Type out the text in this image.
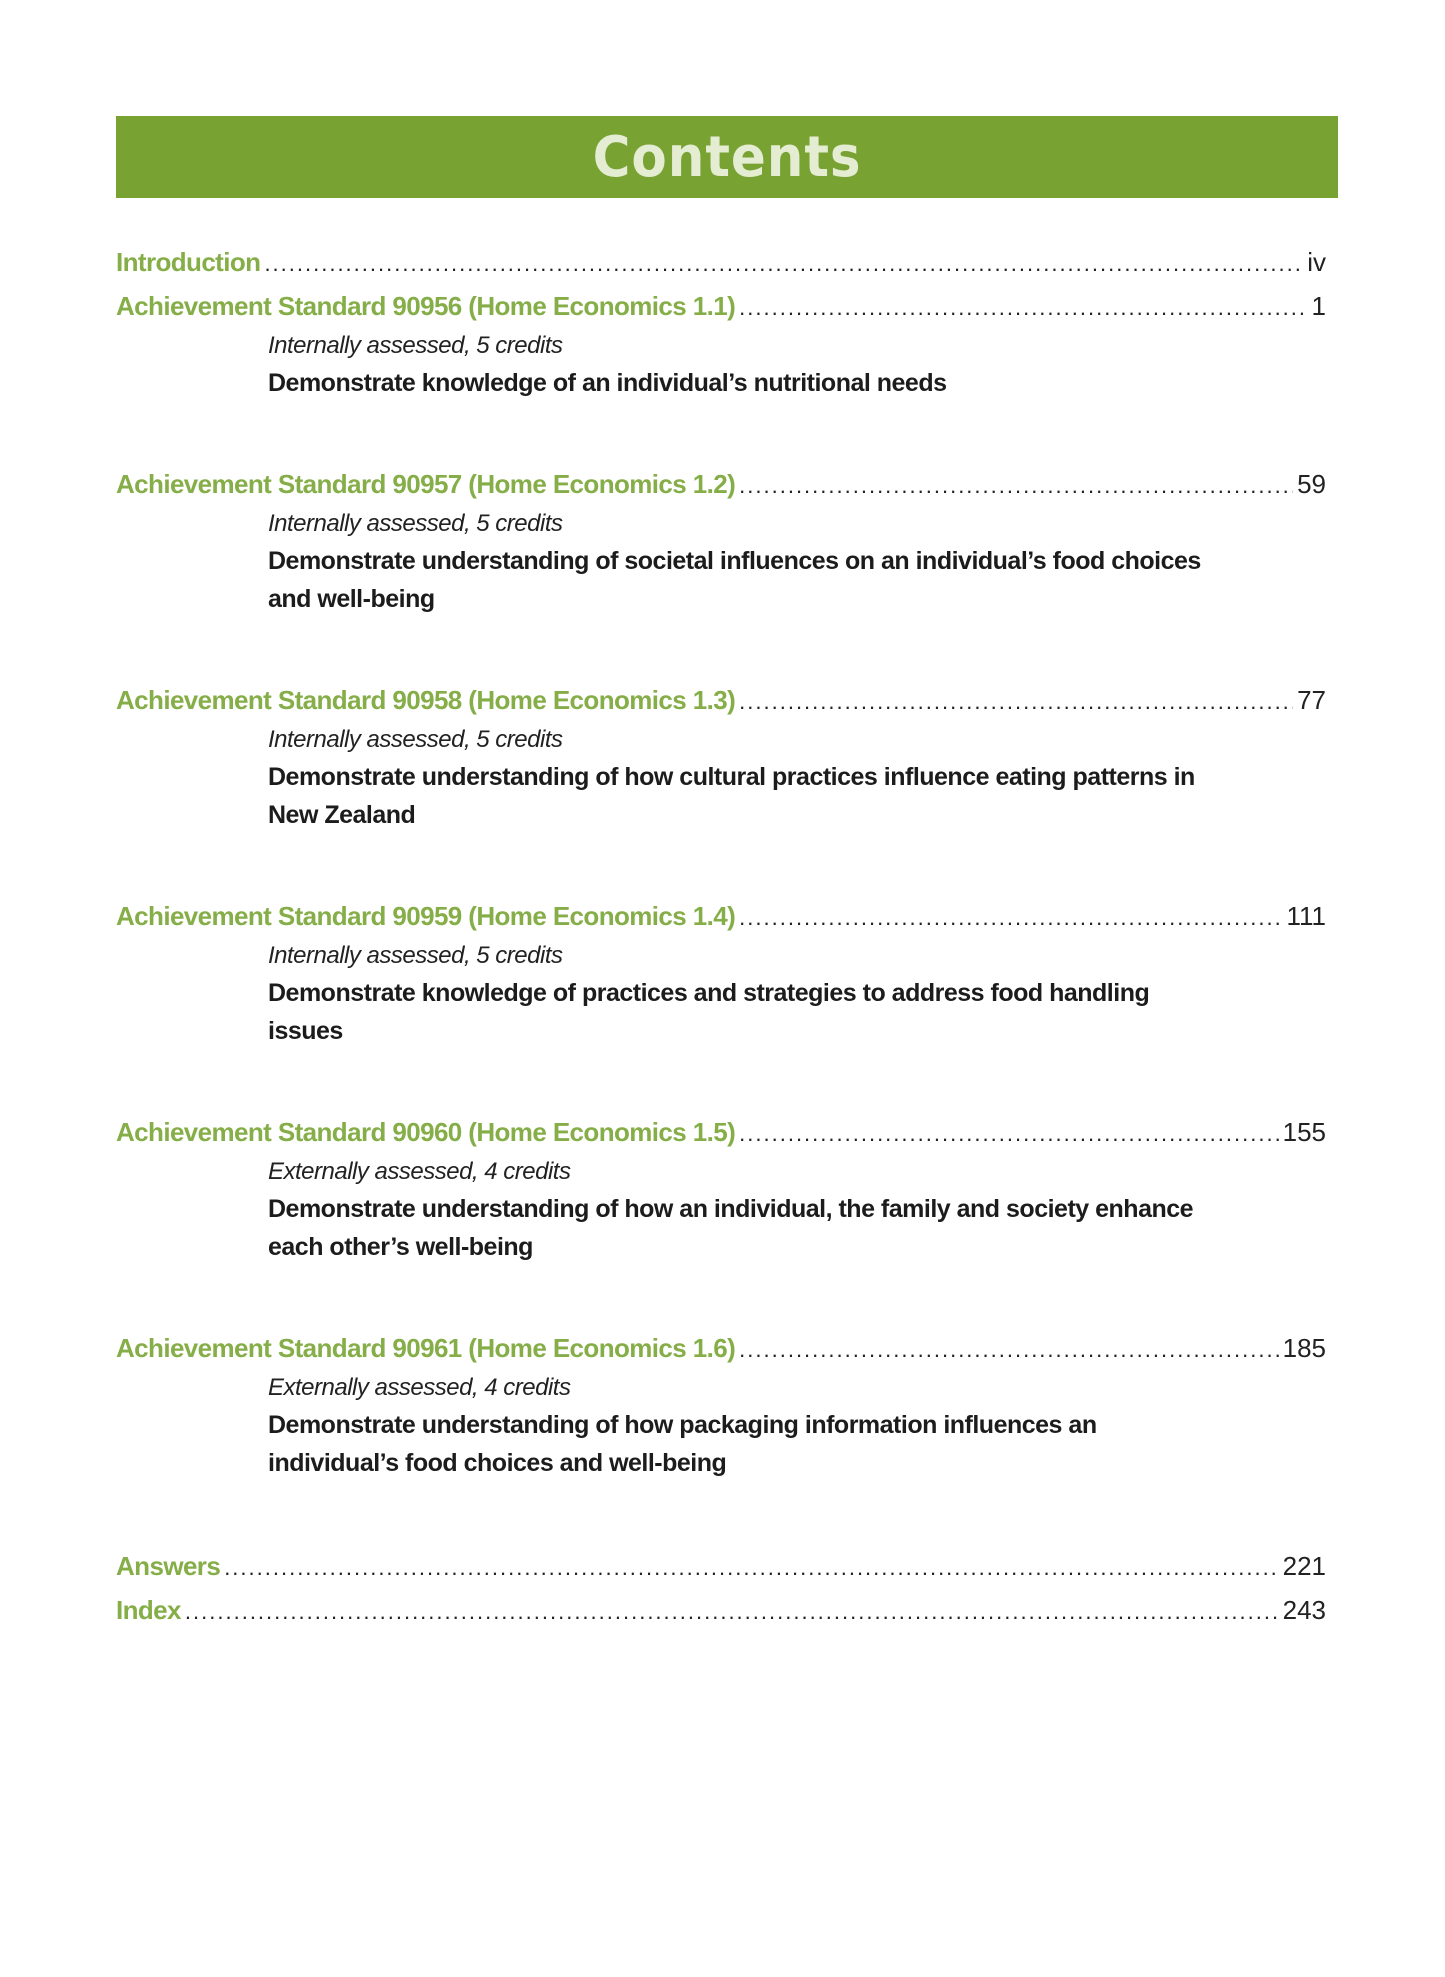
Contents
Introduction .....	iv
Achievement Standard 90956 (Home Economics 1.1) .....	1
Internally assessed, 5 credits
Demonstrate knowledge of an individual’s nutritional needs
Achievement Standard 90957 (Home Economics 1.2) .....	59
Internally assessed, 5 credits
Demonstrate understanding of societal influences on an individual’s food choices and well-being
Achievement Standard 90958 (Home Economics 1.3) .....	77
Internally assessed, 5 credits
Demonstrate understanding of how cultural practices influence eating patterns in New Zealand
Achievement Standard 90959 (Home Economics 1.4) .....	111
Internally assessed, 5 credits
Demonstrate knowledge of practices and strategies to address food handling issues
Achievement Standard 90960 (Home Economics 1.5) .....	155
Externally assessed, 4 credits
Demonstrate understanding of how an individual, the family and society enhance each other’s well-being
Achievement Standard 90961 (Home Economics 1.6) .....	185
Externally assessed, 4 credits
Demonstrate understanding of how packaging information influences an individual’s food choices and well-being
Answers .....	221
Index .....	243
